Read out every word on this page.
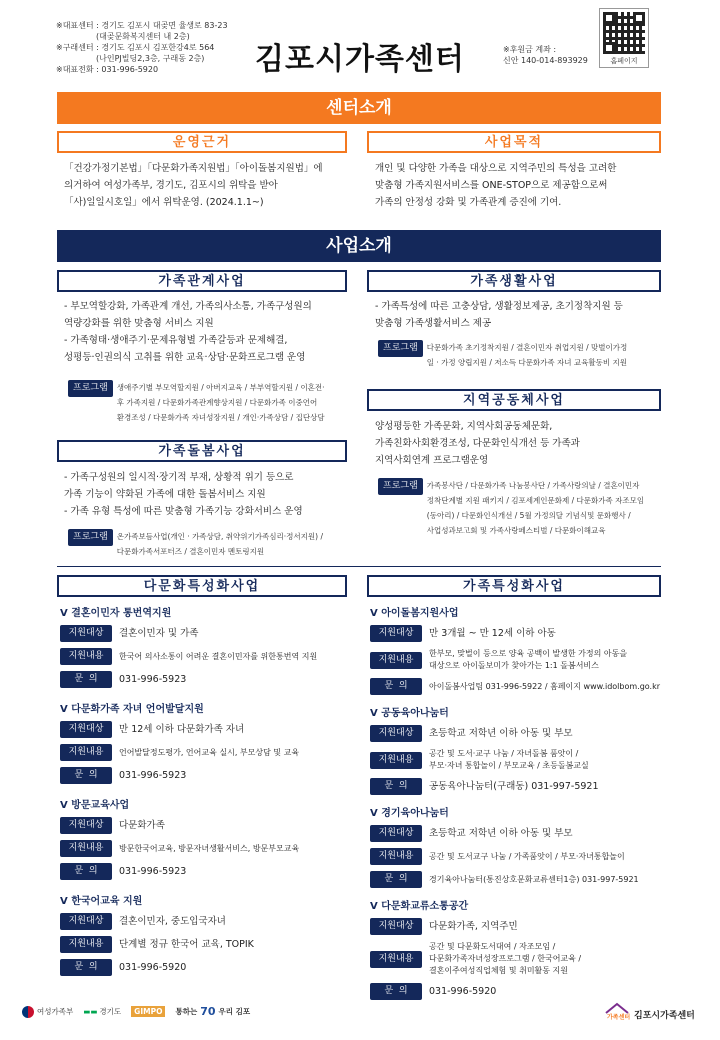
※대표센터 : 경기도 김포시 대곶면 율생로 83-23
(대곶문화복지센터 내 2층)
※구래센터 : 경기도 김포시 김포한강4로 564
(나인PJ빌딩2,3층, 구래동 2층)
※대표전화 : 031-996-5920	김포시가족센터	※후원금 계좌 :
신안 140-014-893929	홈페이지
센터소개
운영근거
「건강가정기본법」「다문화가족지원법」「아이돌봄지원법」에
의거하여 여성가족부, 경기도, 김포시의 위탁을 받아
「사)일일시호일」에서 위탁운영. (2024.1.1~)
사업목적
개인 및 다양한 가족을 대상으로 지역주민의 특성을 고려한
맞춤형 가족지원서비스를 ONE-STOP으로 제공함으로써
가족의 안정성 강화 및 가족관계 증진에 기여.
사업소개
가족관계사업
- 부모역할강화, 가족관계 개선, 가족의사소통, 가족구성원의
역량강화를 위한 맞춤형 서비스 지원
- 가족형태·생애주기·문제유형별 가족갈등과 문제해결,
성평등·인권의식 고취를 위한 교육·상담·문화프로그램 운영
프로그램	생애주기별 부모역할지원 / 아버지교육 / 부부역할지원 / 이혼전·
후 가족지원 / 다문화가족관계향상지원 / 다문화가족 이중언어
환경조성 / 다문화가족 자녀성장지원 / 개인·가족상담 / 집단상담
가족돌봄사업
- 가족구성원의 일시적·장기적 부재, 상황적 위기 등으로
가족 기능이 약화된 가족에 대한 돌봄서비스 지원
- 가족 유형 특성에 따른 맞춤형 가족기능 강화서비스 운영
프로그램	온가족보듬사업(개인 · 가족상담, 취약위기가족심리·정서지원) /
다문화가족서포터즈 / 결혼이민자 멘토링지원
가족생활사업
- 가족특성에 따른 고충상담, 생활정보제공, 초기정착지원 등
맞춤형 가족생활서비스 제공
프로그램	다문화가족 초기정착지원 / 결혼이민자 취업지원 / 맞벌이가정
일 · 가정 양립지원 / 저소득 다문화가족 자녀 교육활동비 지원
지역공동체사업
양성평등한 가족문화, 지역사회공동체문화,
가족친화사회환경조성, 다문화인식개선 등 가족과
지역사회연계 프로그램운영
프로그램	가족봉사단 / 다문화가족 나눔봉사단 / 가족사랑의날 / 결혼이민자
정착단계별 지원 패키지 / 김포세계인문화제 / 다문화가족 자조모임
(동아리) / 다문화인식개선 / 5월 가정의달 기념식및 문화행사 /
사업성과보고회 및 가족사랑페스티벌 / 다문화이해교육
다문화특성화사업	가족특성화사업
V 결혼이민자 통번역지원
지원대상	결혼이민자 및 가족
지원내용	한국어 의사소통이 어려운 결혼이민자를 위한통번역 지원
문  의	031-996-5923
V 다문화가족 자녀 언어발달지원
지원대상	만 12세 이하 다문화가족 자녀
지원내용	언어발달정도평가, 언어교육 실시, 부모상담 및 교육
문  의	031-996-5923
V 방문교육사업
지원대상	다문화가족
지원내용	방문한국어교육, 방문자녀생활서비스, 방문부모교육
문  의	031-996-5923
V 한국어교육 지원
지원대상	결혼이민자, 중도입국자녀
지원내용	단계별 정규 한국어 교육, TOPIK
문  의	031-996-5920
V 아이돌봄지원사업
지원대상	만 3개월 ~ 만 12세 이하 아동
지원내용
한부모, 맞벌이 등으로 양육 공백이 발생한 가정의 아동을
대상으로 아이돌보미가 찾아가는 1:1 돌봄서비스
문  의	아이돌봄사업팀 031-996-5922 / 홈페이지 www.idolbom.go.kr
V 공동육아나눔터
지원대상	초등학교 저학년 이하 아동 및 부모
지원내용
공간 및 도서·교구 나눔 / 자녀돌봄 품앗이 /
부모·자녀 통합놀이 / 부모교육 / 초등돌봄교실
문  의	공동육아나눔터(구래동) 031-997-5921
V 경기육아나눔터
지원대상	초등학교 저학년 이하 아동 및 부모
지원내용	공간 및 도서교구 나눔 / 가족품앗이 / 부모·자녀통합놀이
문  의	경기육아나눔터(통진상호문화교류센터1층) 031-997-5921
V 다문화교류소통공간
지원대상	다문화가족, 지역주민
지원내용
공간 및 다문화도서대여 / 자조모임 /
다문화가족자녀성장프로그램 / 한국어교육 /
결혼이주여성직업체험 및 취미활동 지원
문  의	031-996-5920
여성가족부 ▬▬ 경기도	GIMPO	통하는 70 우리 김포
가족센터 김포시가족센터
